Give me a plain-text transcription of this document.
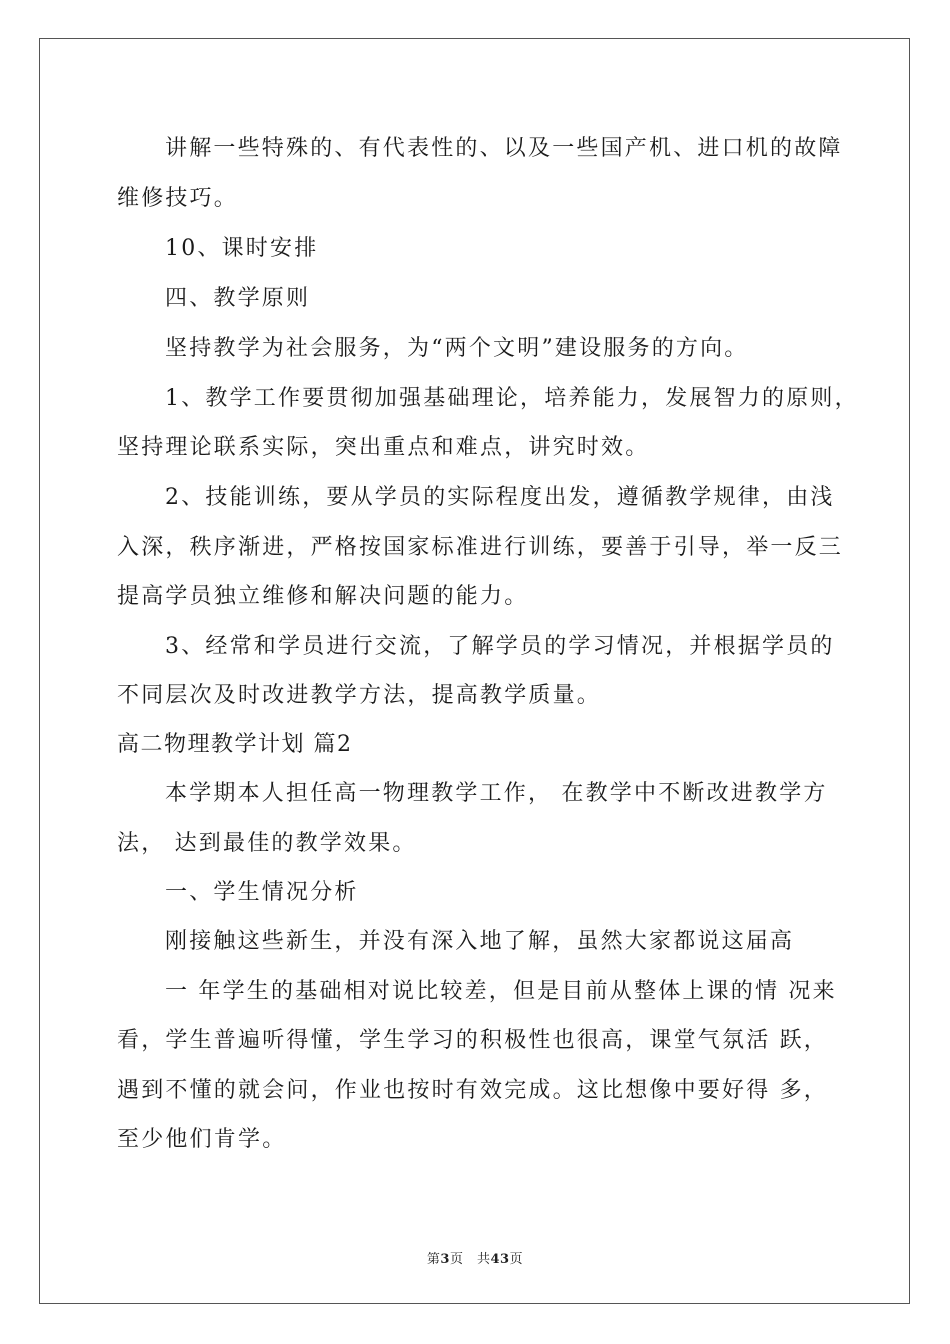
讲解一些特殊的、有代表性的、以及一些国产机、进口机的故障
维修技巧。
10、课时安排
四、教学原则
坚持教学为社会服务，为“两个文明”建设服务的方向。
1、教学工作要贯彻加强基础理论，培养能力，发展智力的原则，
坚持理论联系实际，突出重点和难点，讲究时效。
2、技能训练，要从学员的实际程度出发，遵循教学规律，由浅
入深，秩序渐进，严格按国家标准进行训练，要善于引导，举一反三
提高学员独立维修和解决问题的能力。
3、经常和学员进行交流，了解学员的学习情况，并根据学员的
不同层次及时改进教学方法，提高教学质量。
高二物理教学计划 篇2
本学期本人担任高一物理教学工作， 在教学中不断改进教学方
法， 达到最佳的教学效果。
一、学生情况分析
刚接触这些新生，并没有深入地了解，虽然大家都说这届高
一 年学生的基础相对说比较差，但是目前从整体上课的情 况来
看，学生普遍听得懂，学生学习的积极性也很高，课堂气氛活 跃，
遇到不懂的就会问，作业也按时有效完成。这比想像中要好得 多，
至少他们肯学。
第3页　共43页
